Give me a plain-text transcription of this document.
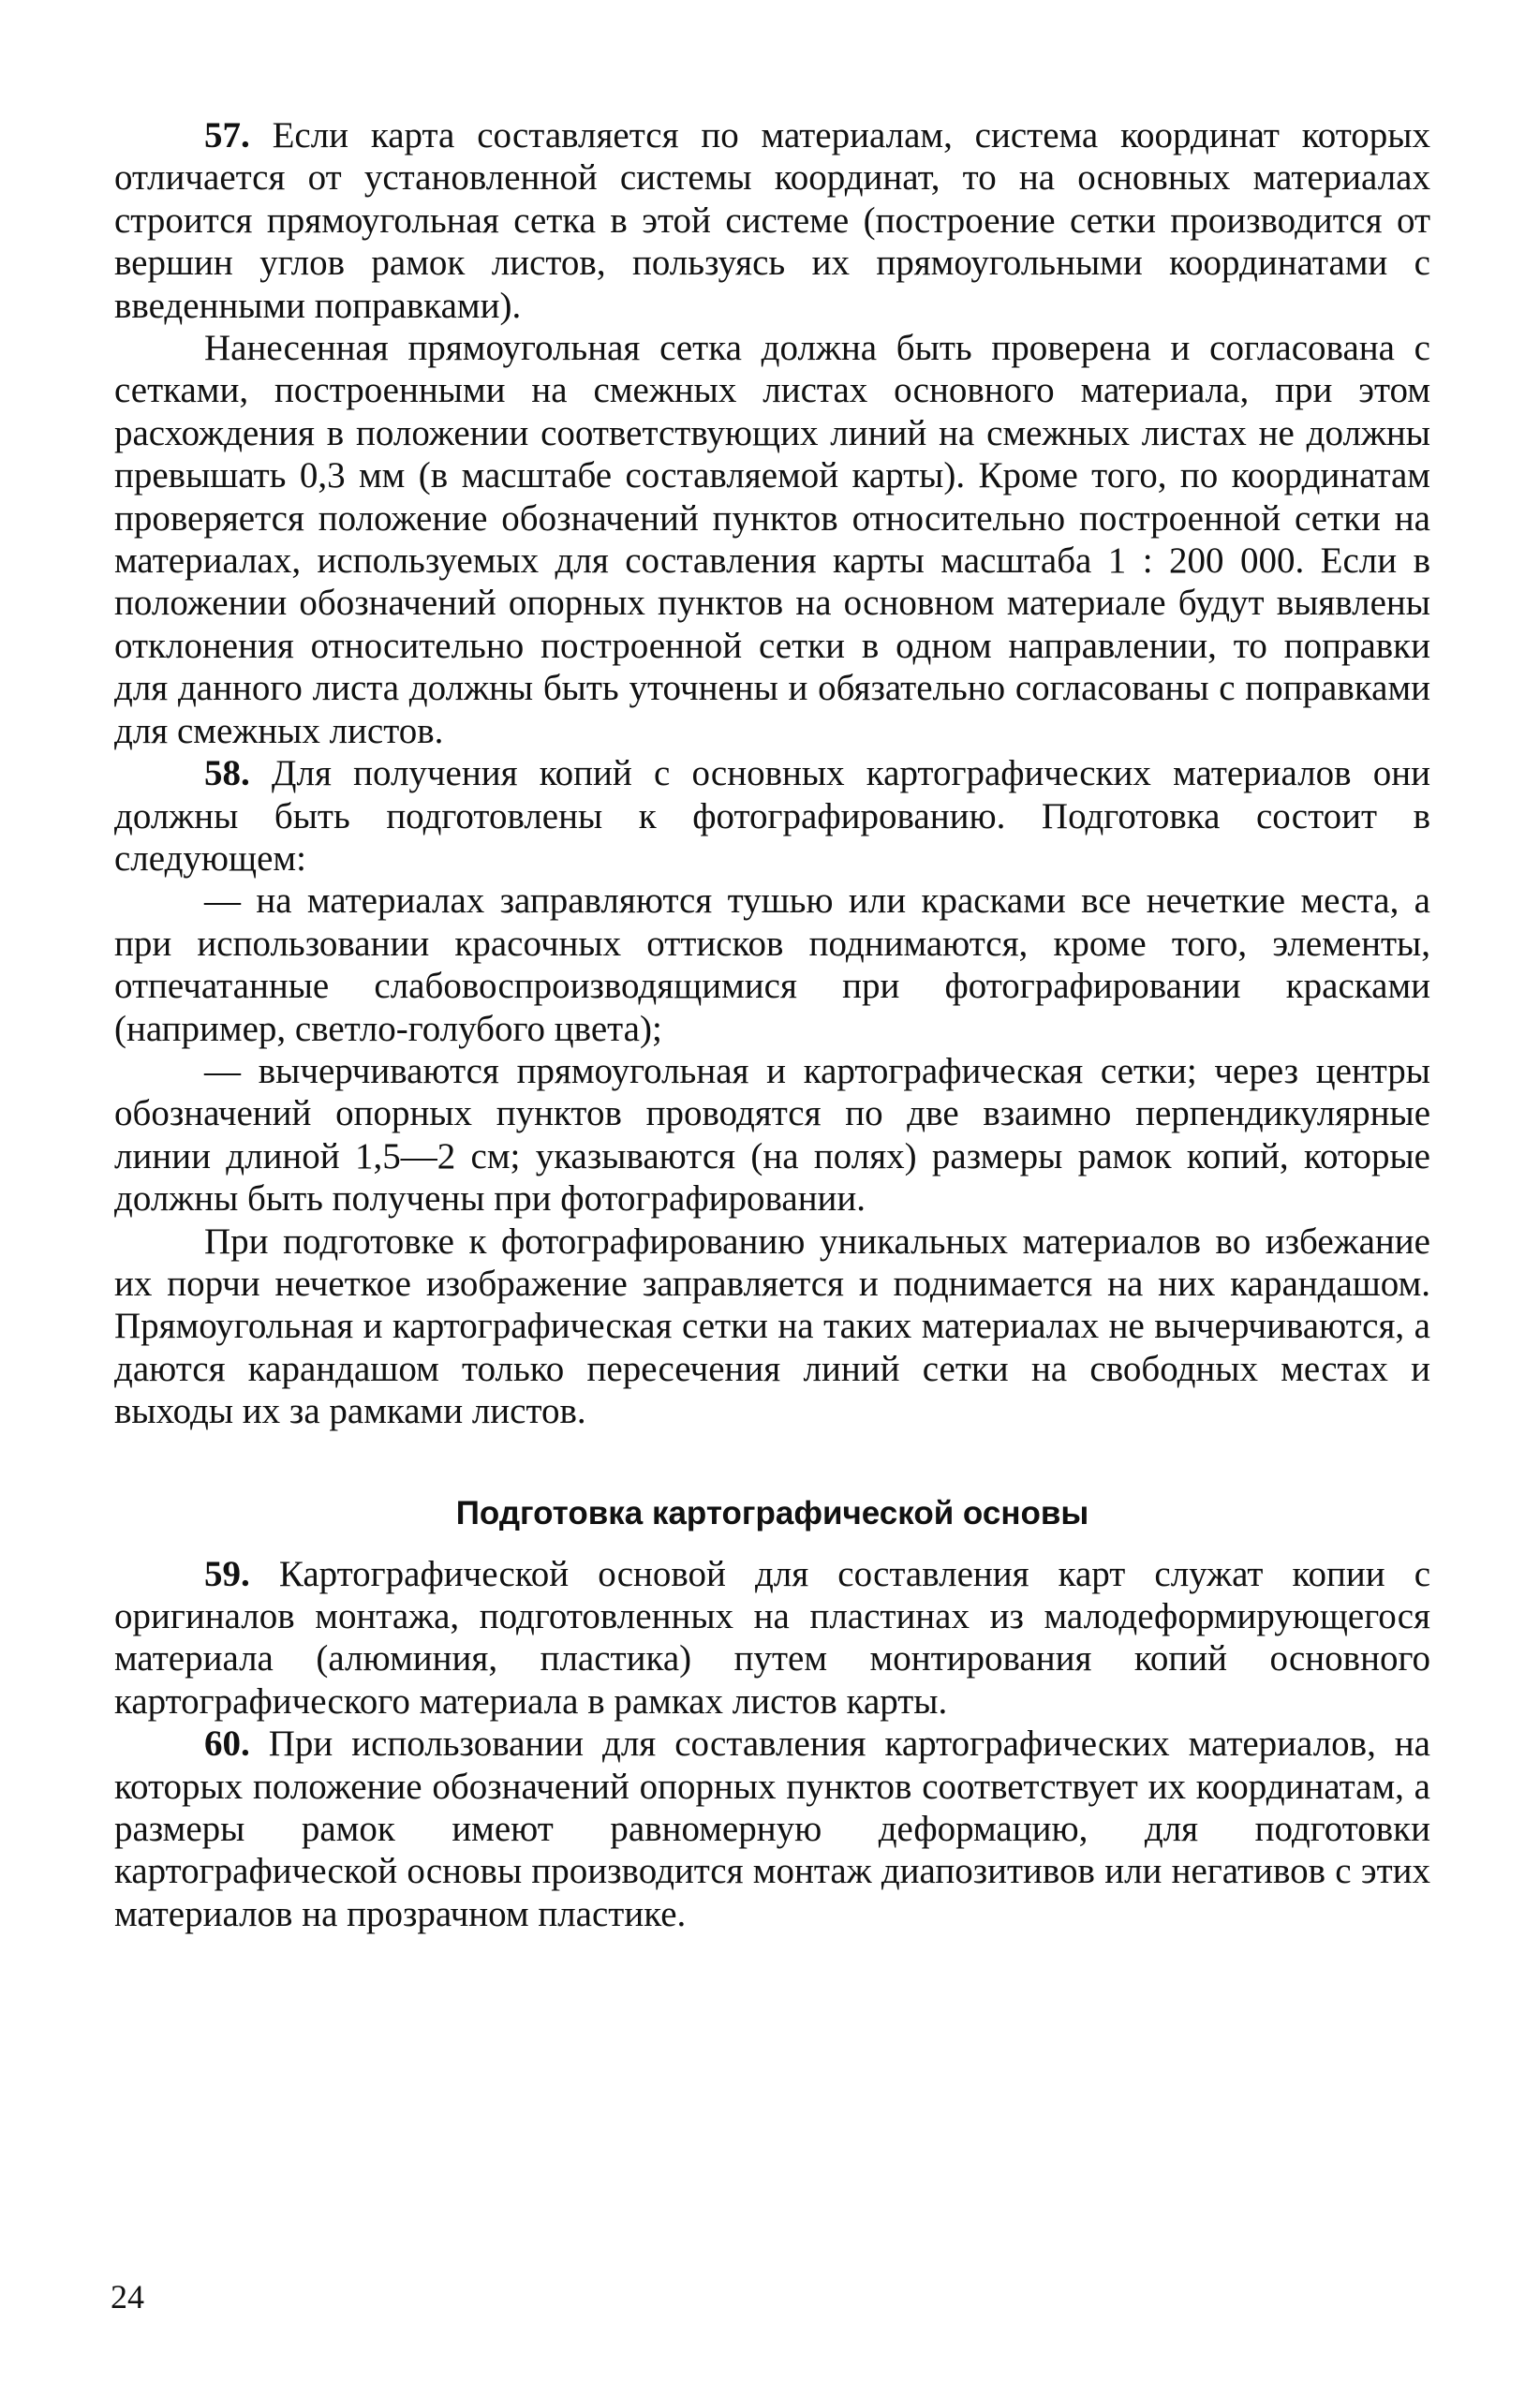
57. Если карта составляется по материалам, система координат которых отличается от установленной системы координат, то на основных материалах строится прямоугольная сетка в этой системе (построение сетки производится от вершин углов рамок листов, пользуясь их прямоугольными координатами с введенными поправками).

Нанесенная прямоугольная сетка должна быть проверена и согласована с сетками, построенными на смежных листах основного материала, при этом расхождения в положении соответствующих линий на смежных листах не должны превышать 0,3 мм (в масштабе составляемой карты). Кроме того, по координатам проверяется положение обозначений пунктов относительно построенной сетки на материалах, используемых для составления карты масштаба 1 : 200 000. Если в положении обозначений опорных пунктов на основном материале будут выявлены отклонения относительно построенной сетки в одном направлении, то поправки для данного листа должны быть уточнены и обязательно согласованы с поправками для смежных листов.

58. Для получения копий с основных картографических материалов они должны быть подготовлены к фотографированию. Подготовка состоит в следующем:

— на материалах заправляются тушью или красками все нечеткие места, а при использовании красочных оттисков поднимаются, кроме того, элементы, отпечатанные слабовоспроизводящимися при фотографировании красками (например, светло-голубого цвета);

— вычерчиваются прямоугольная и картографическая сетки; через центры обозначений опорных пунктов проводятся по две взаимно перпендикулярные линии длиной 1,5—2 см; указываются (на полях) размеры рамок копий, которые должны быть получены при фотографировании.

При подготовке к фотографированию уникальных материалов во избежание их порчи нечеткое изображение заправляется и поднимается на них карандашом. Прямоугольная и картографическая сетки на таких материалах не вычерчиваются, а даются карандашом только пересечения линий сетки на свободных местах и выходы их за рамками листов.

Подготовка картографической основы

59. Картографической основой для составления карт служат копии с оригиналов монтажа, подготовленных на пластинах из малодеформирующегося материала (алюминия, пластика) путем монтирования копий основного картографического материала в рамках листов карты.

60. При использовании для составления картографических материалов, на которых положение обозначений опорных пунктов соответствует их координатам, а размеры рамок имеют равномерную деформацию, для подготовки картографической основы производится монтаж диапозитивов или негативов с этих материалов на прозрачном пластике.

24
